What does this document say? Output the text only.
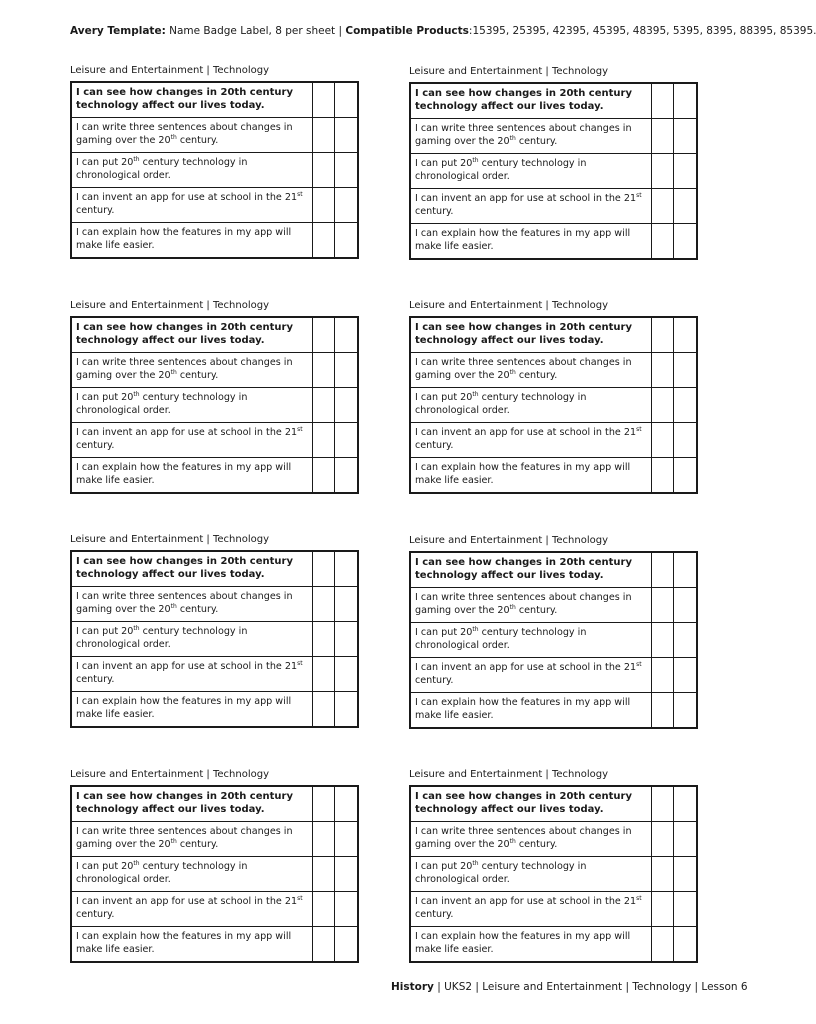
Avery Template: Name Badge Label, 8 per sheet | Compatible Products:15395, 25395, 42395, 45395, 48395, 5395, 8395, 88395, 85395.
Leisure and Entertainment | Technology
I can see how changes in 20th century technology affect our lives today.		
I can write three sentences about changes in gaming over the 20th century.		
I can put 20th century technology in chronological order.		
I can invent an app for use at school in the 21st century.		
I can explain how the features in my app will make life easier.		
Leisure and Entertainment | Technology
I can see how changes in 20th century technology affect our lives today.		
I can write three sentences about changes in gaming over the 20th century.		
I can put 20th century technology in chronological order.		
I can invent an app for use at school in the 21st century.		
I can explain how the features in my app will make life easier.		
Leisure and Entertainment | Technology
I can see how changes in 20th century technology affect our lives today.		
I can write three sentences about changes in gaming over the 20th century.		
I can put 20th century technology in chronological order.		
I can invent an app for use at school in the 21st century.		
I can explain how the features in my app will make life easier.		
Leisure and Entertainment | Technology
I can see how changes in 20th century technology affect our lives today.		
I can write three sentences about changes in gaming over the 20th century.		
I can put 20th century technology in chronological order.		
I can invent an app for use at school in the 21st century.		
I can explain how the features in my app will make life easier.		
Leisure and Entertainment | Technology
I can see how changes in 20th century technology affect our lives today.		
I can write three sentences about changes in gaming over the 20th century.		
I can put 20th century technology in chronological order.		
I can invent an app for use at school in the 21st century.		
I can explain how the features in my app will make life easier.		
Leisure and Entertainment | Technology
I can see how changes in 20th century technology affect our lives today.		
I can write three sentences about changes in gaming over the 20th century.		
I can put 20th century technology in chronological order.		
I can invent an app for use at school in the 21st century.		
I can explain how the features in my app will make life easier.		
Leisure and Entertainment | Technology
I can see how changes in 20th century technology affect our lives today.		
I can write three sentences about changes in gaming over the 20th century.		
I can put 20th century technology in chronological order.		
I can invent an app for use at school in the 21st century.		
I can explain how the features in my app will make life easier.		
Leisure and Entertainment | Technology
I can see how changes in 20th century technology affect our lives today.		
I can write three sentences about changes in gaming over the 20th century.		
I can put 20th century technology in chronological order.		
I can invent an app for use at school in the 21st century.		
I can explain how the features in my app will make life easier.		
History | UKS2 | Leisure and Entertainment | Technology | Lesson 6
